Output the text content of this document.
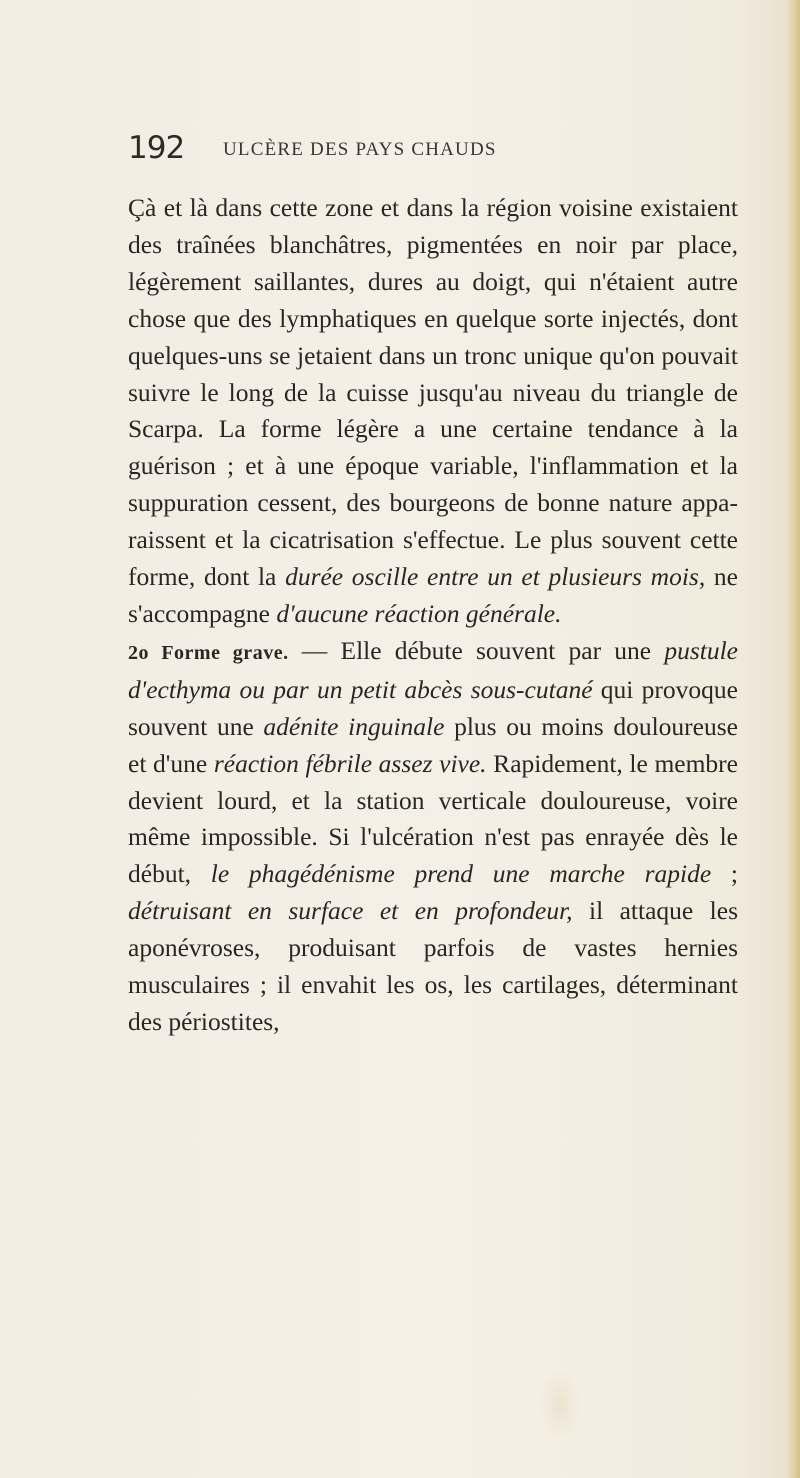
192 ULCÈRE DES PAYS CHAUDS

Çà et là dans cette zone et dans la région voisine existaient des traînées blanchâtres, pigmentées en noir par place, légèrement saillantes, dures au doigt, qui n'étaient autre chose que des lymphatiques en quelque sorte injectés, dont quelques-uns se jetaient dans un tronc unique qu'on pouvait suivre le long de la cuisse jusqu'au niveau du triangle de Scarpa. La forme légère a une certaine tendance à la guérison ; et à une époque variable, l'inflammation et la suppuration cessent, des bourgeons de bonne nature apparaissent et la cicatrisation s'effectue. Le plus souvent cette forme, dont la durée oscille entre un et plusieurs mois, ne s'accompagne d'aucune réaction générale.

2o Forme grave. — Elle débute souvent par une pustule d'ecthyma ou par un petit abcès sous-cutané qui provoque souvent une adénite inguinale plus ou moins douloureuse et d'une réaction fébrile assez vive. Rapidement, le membre devient lourd, et la station verticale douloureuse, voire même impossible. Si l'ulcération n'est pas enrayée dès le début, le phagédénisme prend une marche rapide ; détruisant en surface et en profondeur, il attaque les aponévroses, produisant parfois de vastes hernies musculaires ; il envahit les os, les cartilages, déterminant des périostites,
